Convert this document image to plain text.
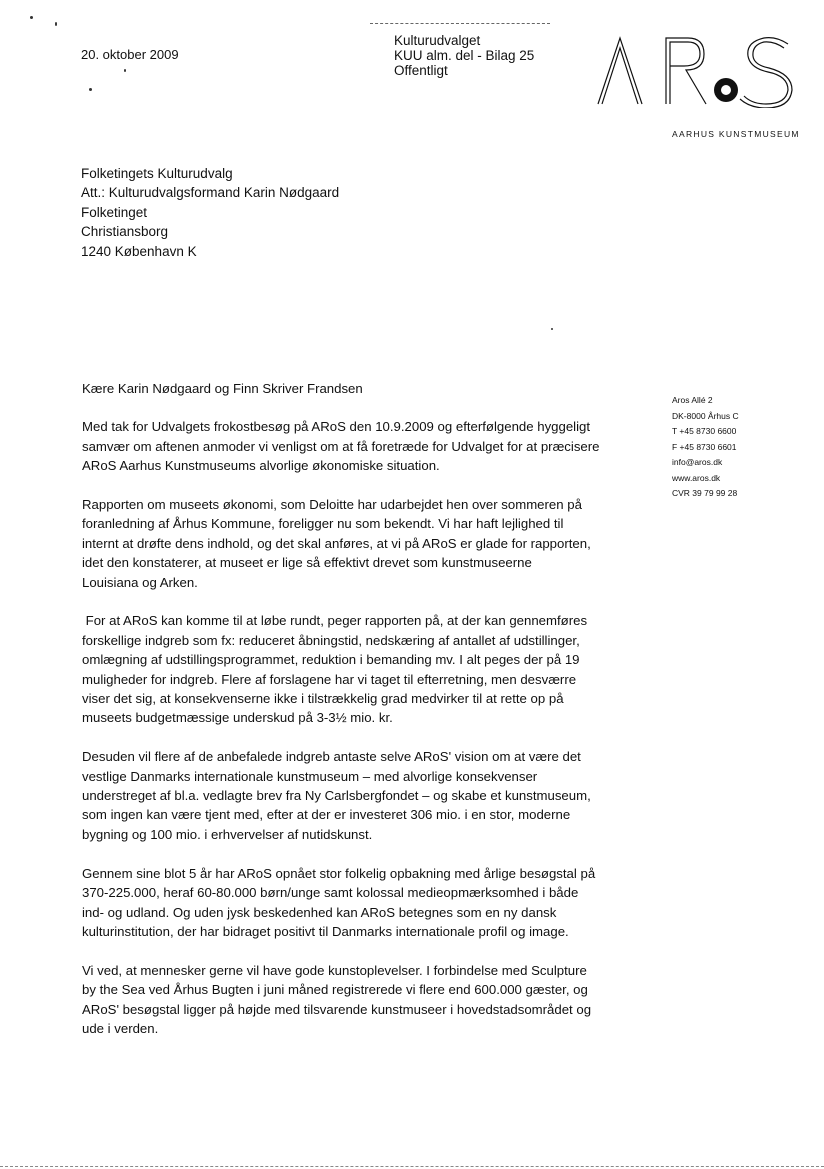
20. oktober 2009
Kulturudvalget
KUU alm. del - Bilag 25
Offentligt
AARHUS KUNSTMUSEUM
Folketingets Kulturudvalg
Att.: Kulturudvalgsformand Karin Nødgaard
Folketinget
Christiansborg
1240 København K
Aros Allé 2
DK-8000 Århus C
T +45 8730 6600
F +45 8730 6601
info@aros.dk
www.aros.dk
CVR 39 79 99 28

Kære Karin Nødgaard og Finn Skriver Frandsen

Med tak for Udvalgets frokostbesøg på ARoS den 10.9.2009 og efterfølgende hyggeligt
samvær om aftenen anmoder vi venligst om at få foretræde for Udvalget for at præcisere
ARoS Aarhus Kunstmuseums alvorlige økonomiske situation.

Rapporten om museets økonomi, som Deloitte har udarbejdet hen over sommeren på
foranledning af Århus Kommune, foreligger nu som bekendt. Vi har haft lejlighed til
internt at drøfte dens indhold, og det skal anføres, at vi på ARoS er glade for rapporten,
idet den konstaterer, at museet er lige så effektivt drevet som kunstmuseerne
Louisiana og Arken.

For at ARoS kan komme til at løbe rundt, peger rapporten på, at der kan gennemføres
forskellige indgreb som fx: reduceret åbningstid, nedskæring af antallet af udstillinger,
omlægning af udstillingsprogrammet, reduktion i bemanding mv. I alt peges der på 19
muligheder for indgreb. Flere af forslagene har vi taget til efterretning, men desværre
viser det sig, at konsekvenserne ikke i tilstrækkelig grad medvirker til at rette op på
museets budgetmæssige underskud på 3-3½ mio. kr.

Desuden vil flere af de anbefalede indgreb antaste selve ARoS' vision om at være det
vestlige Danmarks internationale kunstmuseum – med alvorlige konsekvenser
understreget af bl.a. vedlagte brev fra Ny Carlsbergfondet – og skabe et kunstmuseum,
som ingen kan være tjent med, efter at der er investeret 306 mio. i en stor, moderne
bygning og 100 mio. i erhvervelser af nutidskunst.

Gennem sine blot 5 år har ARoS opnået stor folkelig opbakning med årlige besøgstal på
370-225.000, heraf 60-80.000 børn/unge samt kolossal medieopmærksomhed i både
ind- og udland. Og uden jysk beskedenhed kan ARoS betegnes som en ny dansk
kulturinstitution, der har bidraget positivt til Danmarks internationale profil og image.

Vi ved, at mennesker gerne vil have gode kunstoplevelser. I forbindelse med Sculpture
by the Sea ved Århus Bugten i juni måned registrerede vi flere end 600.000 gæster, og
ARoS' besøgstal ligger på højde med tilsvarende kunstmuseer i hovedstadsområdet og
ude i verden.
